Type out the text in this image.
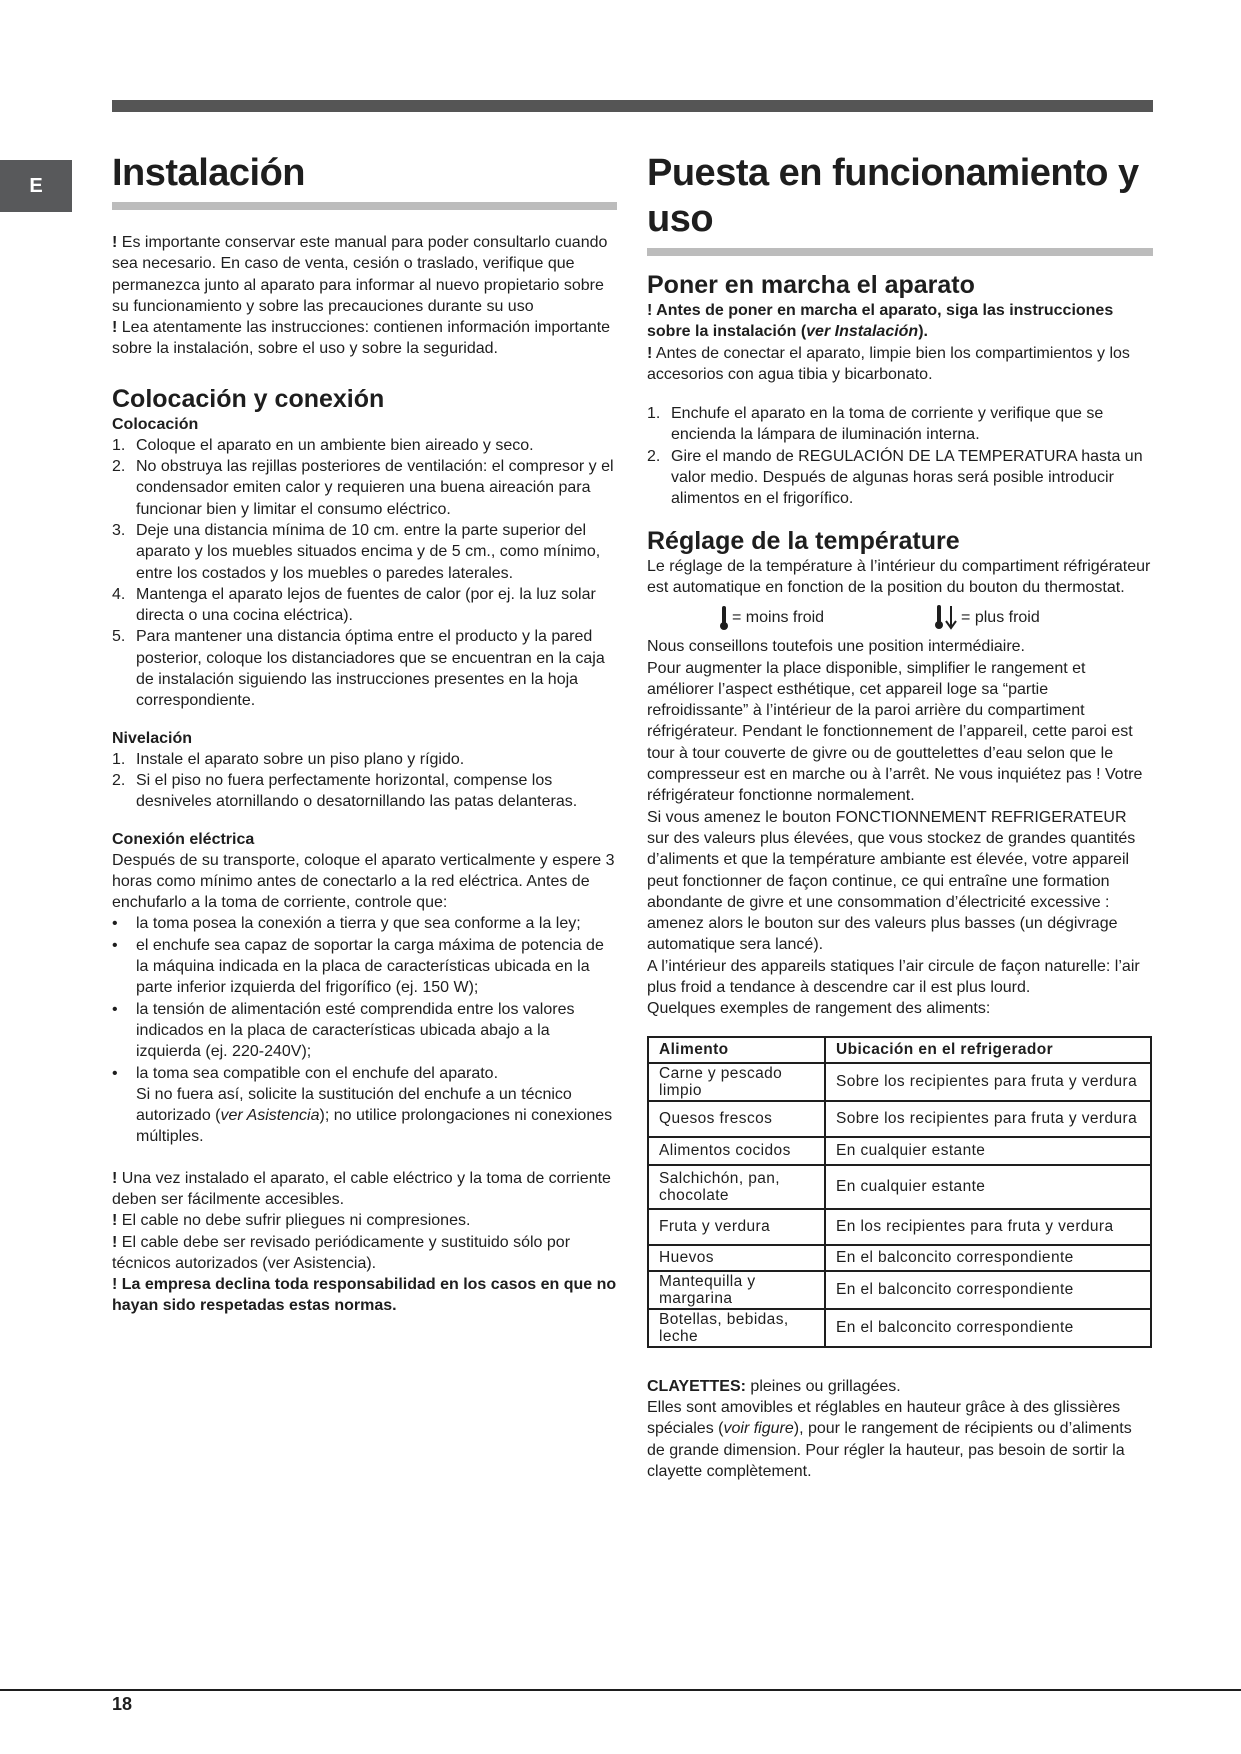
E	Instalación

! Es importante conservar este manual para poder consultarlo cuando sea necesario. En caso de venta, cesión o traslado, verifique que permanezca junto al aparato para informar al nuevo propietario sobre su funcionamiento y sobre las precauciones durante su uso

! Lea atentamente las instrucciones: contienen información importante sobre la instalación, sobre el uso y sobre la seguridad.

Colocación y conexión
Colocación
1. Coloque el aparato en un ambiente bien aireado y seco.
2. No obstruya las rejillas posteriores de ventilación: el compresor y el condensador emiten calor y requieren una buena aireación para funcionar bien y limitar el consumo eléctrico.
3. Deje una distancia mínima de 10 cm. entre la parte superior del aparato y los muebles situados encima y de 5 cm., como mínimo, entre los costados y los muebles o paredes laterales.
4. Mantenga el aparato lejos de fuentes de calor (por ej. la luz solar directa o una cocina eléctrica).
5. Para mantener una distancia óptima entre el producto y la pared posterior, coloque los distanciadores que se encuentran en la caja de instalación siguiendo las instrucciones presentes en la hoja correspondiente.
Nivelación
1. Instale el aparato sobre un piso plano y rígido.
2. Si el piso no fuera perfectamente horizontal, compense los desniveles atornillando o desatornillando las patas delanteras.
Conexión eléctrica

Después de su transporte, coloque el aparato verticalmente y espere 3 horas como mínimo antes de conectarlo a la red eléctrica. Antes de enchufarlo a la toma de corriente, controle que:

• la toma posea la conexión a tierra y que sea conforme a la ley;
• el enchufe sea capaz de soportar la carga máxima de potencia de la máquina indicada en la placa de características ubicada en la parte inferior izquierda del frigorífico (ej. 150 W);
• la tensión de alimentación esté comprendida entre los valores indicados en la placa de características ubicada abajo a la izquierda (ej. 220-240V);
• la toma sea compatible con el enchufe del aparato.

Si no fuera así, solicite la sustitución del enchufe a un técnico autorizado (ver Asistencia); no utilice prolongaciones ni conexiones múltiples.

! Una vez instalado el aparato, el cable eléctrico y la toma de corriente deben ser fácilmente accesibles.

! El cable no debe sufrir pliegues ni compresiones.

! El cable debe ser revisado periódicamente y sustituido sólo por técnicos autorizados (ver Asistencia).

! La empresa declina toda responsabilidad en los casos en que no hayan sido respetadas estas normas.

Puesta en funcionamiento y uso
Poner en marcha el aparato

! Antes de poner en marcha el aparato, siga las instrucciones sobre la instalación (ver Instalación).

! Antes de conectar el aparato, limpie bien los compartimientos y los accesorios con agua tibia y bicarbonato.

1. Enchufe el aparato en la toma de corriente y verifique que se encienda la lámpara de iluminación interna.
2. Gire el mando de REGULACIÓN DE LA TEMPERATURA hasta un valor medio. Después de algunas horas será posible introducir alimentos en el frigorífico.
Réglage de la température

Le réglage de la température à l’intérieur du compartiment réfrigérateur est automatique en fonction de la position du bouton du thermostat.

= moins froid	= plus froid

Nous conseillons toutefois une position intermédiaire.
Pour augmenter la place disponible, simplifier le rangement et améliorer l’aspect esthétique, cet appareil loge sa “partie refroidissante” à l’intérieur de la paroi arrière du compartiment réfrigérateur. Pendant le fonctionnement de l’appareil, cette paroi est tour à tour couverte de givre ou de gouttelettes d’eau selon que le compresseur est en marche ou à l’arrêt. Ne vous inquiétez pas ! Votre réfrigérateur fonctionne normalement.
Si vous amenez le bouton FONCTIONNEMENT REFRIGERATEUR sur des valeurs plus élevées, que vous stockez de grandes quantités d’aliments et que la température ambiante est élevée, votre appareil peut fonctionner de façon continue, ce qui entraîne une formation abondante de givre et une consommation d’électricité excessive : amenez alors le bouton sur des valeurs plus basses (un dégivrage automatique sera lancé).
A l’intérieur des appareils statiques l’air circule de façon naturelle: l’air plus froid a tendance à descendre car il est plus lourd.
Quelques exemples de rangement des aliments:

Alimento	Ubicación en el refrigerador
Carne y pescado limpio	Sobre los recipientes para fruta y verdura
Quesos frescos	Sobre los recipientes para fruta y verdura
Alimentos cocidos	En cualquier estante
Salchichón, pan, chocolate	En cualquier estante
Fruta y verdura	En los recipientes para fruta y verdura
Huevos	En el balconcito correspondiente
Mantequilla y margarina	En el balconcito correspondiente
Botellas, bebidas, leche	En el balconcito correspondiente

CLAYETTES: pleines ou grillagées.

Elles sont amovibles et réglables en hauteur grâce à des glissières spéciales (voir figure), pour le rangement de récipients ou d’aliments de grande dimension. Pour régler la hauteur, pas besoin de sortir la clayette complètement.

18
